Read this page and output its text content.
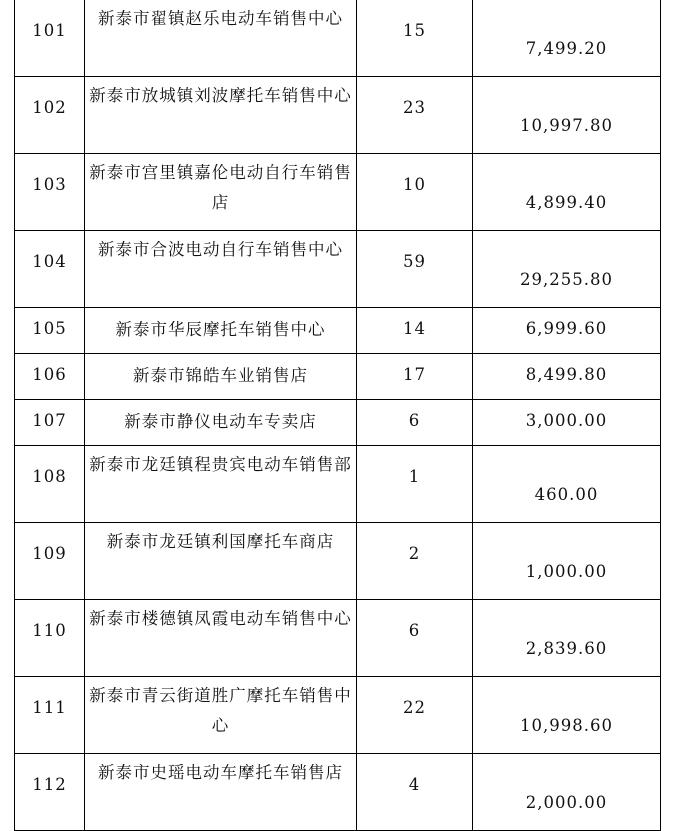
101	新泰市翟镇赵乐电动车销售中心	15	7,499.20
102	新泰市放城镇刘波摩托车销售中心	23	10,997.80
103	新泰市宫里镇嘉伦电动自行车销售店	10	4,899.40
104	新泰市合波电动自行车销售中心	59	29,255.80
105	新泰市华辰摩托车销售中心	14	6,999.60
106	新泰市锦皓车业销售店	17	8,499.80
107	新泰市静仪电动车专卖店	6	3,000.00
108	新泰市龙廷镇程贵宾电动车销售部	1	460.00
109	新泰市龙廷镇利国摩托车商店	2	1,000.00
110	新泰市楼德镇凤霞电动车销售中心	6	2,839.60
111	新泰市青云街道胜广摩托车销售中心	22	10,998.60
112	新泰市史瑶电动车摩托车销售店	4	2,000.00
